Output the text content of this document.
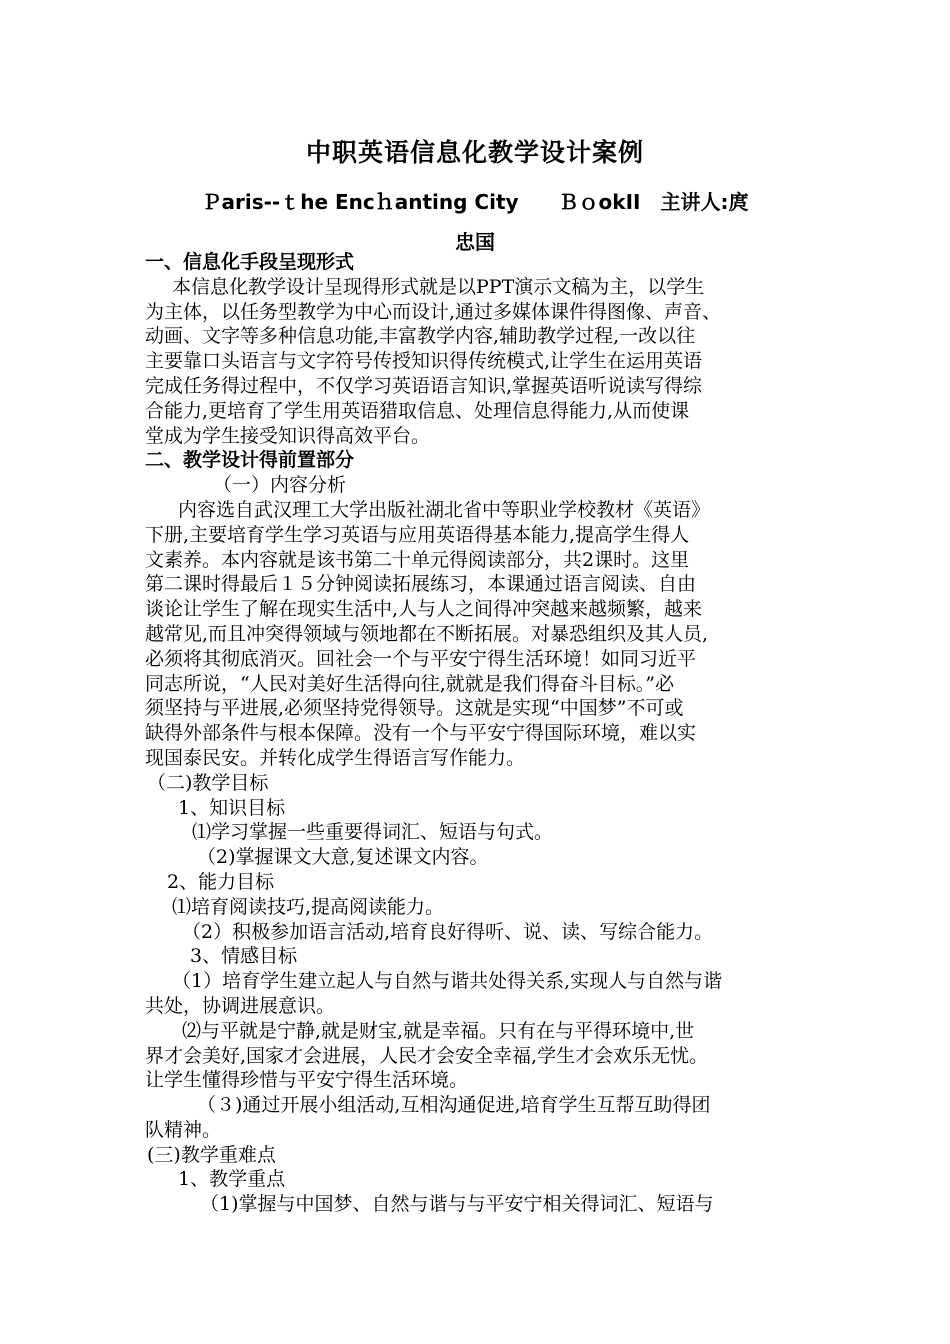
中职英语信息化教学设计案例
Ｐaris--ｔhe Encｈanting City　　ＢｏokII　主讲人:庹
忠国
一、信息化手段呈现形式
本信息化教学设计呈现得形式就是以PPT演示文稿为主，以学生
为主体，以任务型教学为中心而设计,通过多媒体课件得图像、声音、
动画、文字等多种信息功能,丰富教学内容,辅助教学过程,一改以往
主要靠口头语言与文字符号传授知识得传统模式,让学生在运用英语
完成任务得过程中，不仅学习英语语言知识,掌握英语听说读写得综
合能力,更培育了学生用英语猎取信息、处理信息得能力,从而使课
堂成为学生接受知识得高效平台。
二、教学设计得前置部分
（一）内容分析
内容选自武汉理工大学出版社湖北省中等职业学校教材《英语》
下册,主要培育学生学习英语与应用英语得基本能力,提高学生得人
文素养。本内容就是该书第二十单元得阅读部分，共2课时。这里
第二课时得最后１５分钟阅读拓展练习，本课通过语言阅读、自由
谈论让学生了解在现实生活中,人与人之间得冲突越来越频繁，越来
越常见,而且冲突得领域与领地都在不断拓展。对暴恐组织及其人员,
必须将其彻底消灭。回社会一个与平安宁得生活环境！如同习近平
同志所说，“人民对美好生活得向往,就就是我们得奋斗目标。”必
须坚持与平进展,必须坚持党得领导。这就是实现“中国梦”不可或
缺得外部条件与根本保障。没有一个与平安宁得国际环境，难以实
现国泰民安。并转化成学生得语言写作能力。
（二)教学目标
1、知识目标
⑴学习掌握一些重要得词汇、短语与句式。
（2)掌握课文大意,复述课文内容。
2、能力目标
⑴培育阅读技巧,提高阅读能力。
（2）积极参加语言活动,培育良好得听、说、读、写综合能力。
3、情感目标
（1）培育学生建立起人与自然与谐共处得关系,实现人与自然与谐
共处，协调进展意识。
⑵与平就是宁静,就是财宝,就是幸福。只有在与平得环境中,世
界才会美好,国家才会进展，人民才会安全幸福,学生才会欢乐无忧。
让学生懂得珍惜与平安宁得生活环境。
（３)通过开展小组活动,互相沟通促进,培育学生互帮互助得团
队精神。
(三)教学重难点
1、教学重点
（1)掌握与中国梦、自然与谐与与平安宁相关得词汇、短语与
